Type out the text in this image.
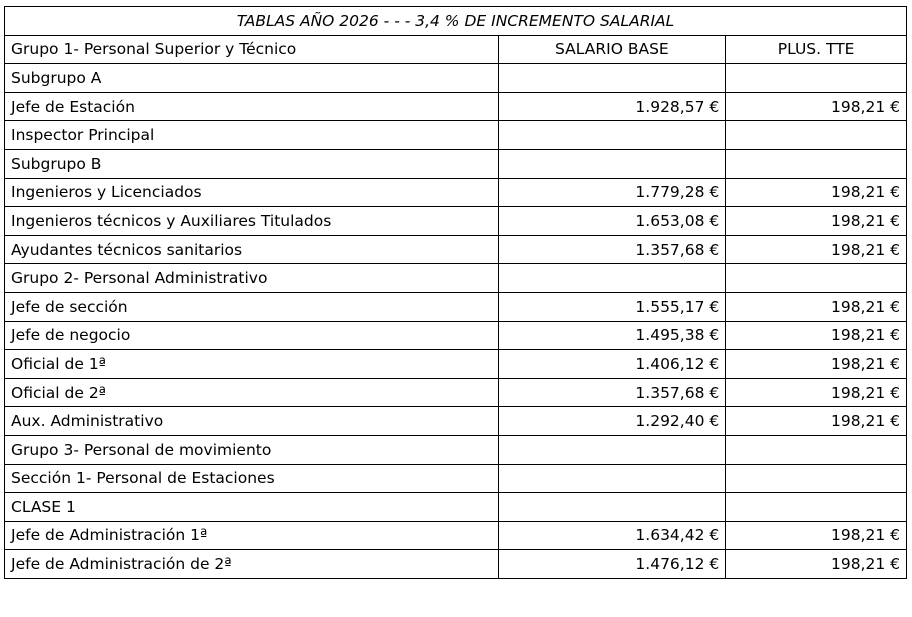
TABLAS AÑO 2026 - - - 3,4 % DE INCREMENTO SALARIAL		
Grupo 1- Personal Superior y Técnico	SALARIO BASE	PLUS. TTE
Subgrupo A		
Jefe de Estación	1.928,57 €	198,21 €
Inspector Principal		
Subgrupo B		
Ingenieros y Licenciados	1.779,28 €	198,21 €
Ingenieros técnicos y Auxiliares Titulados	1.653,08 €	198,21 €
Ayudantes técnicos sanitarios	1.357,68 €	198,21 €
Grupo 2- Personal Administrativo		
Jefe de sección	1.555,17 €	198,21 €
Jefe de negocio	1.495,38 €	198,21 €
Oficial de 1ª	1.406,12 €	198,21 €
Oficial de 2ª	1.357,68 €	198,21 €
Aux. Administrativo	1.292,40 €	198,21 €
Grupo 3- Personal de movimiento		
Sección 1- Personal de Estaciones		
CLASE 1		
Jefe de Administración 1ª	1.634,42 €	198,21 €
Jefe de Administración de 2ª	1.476,12 €	198,21 €
